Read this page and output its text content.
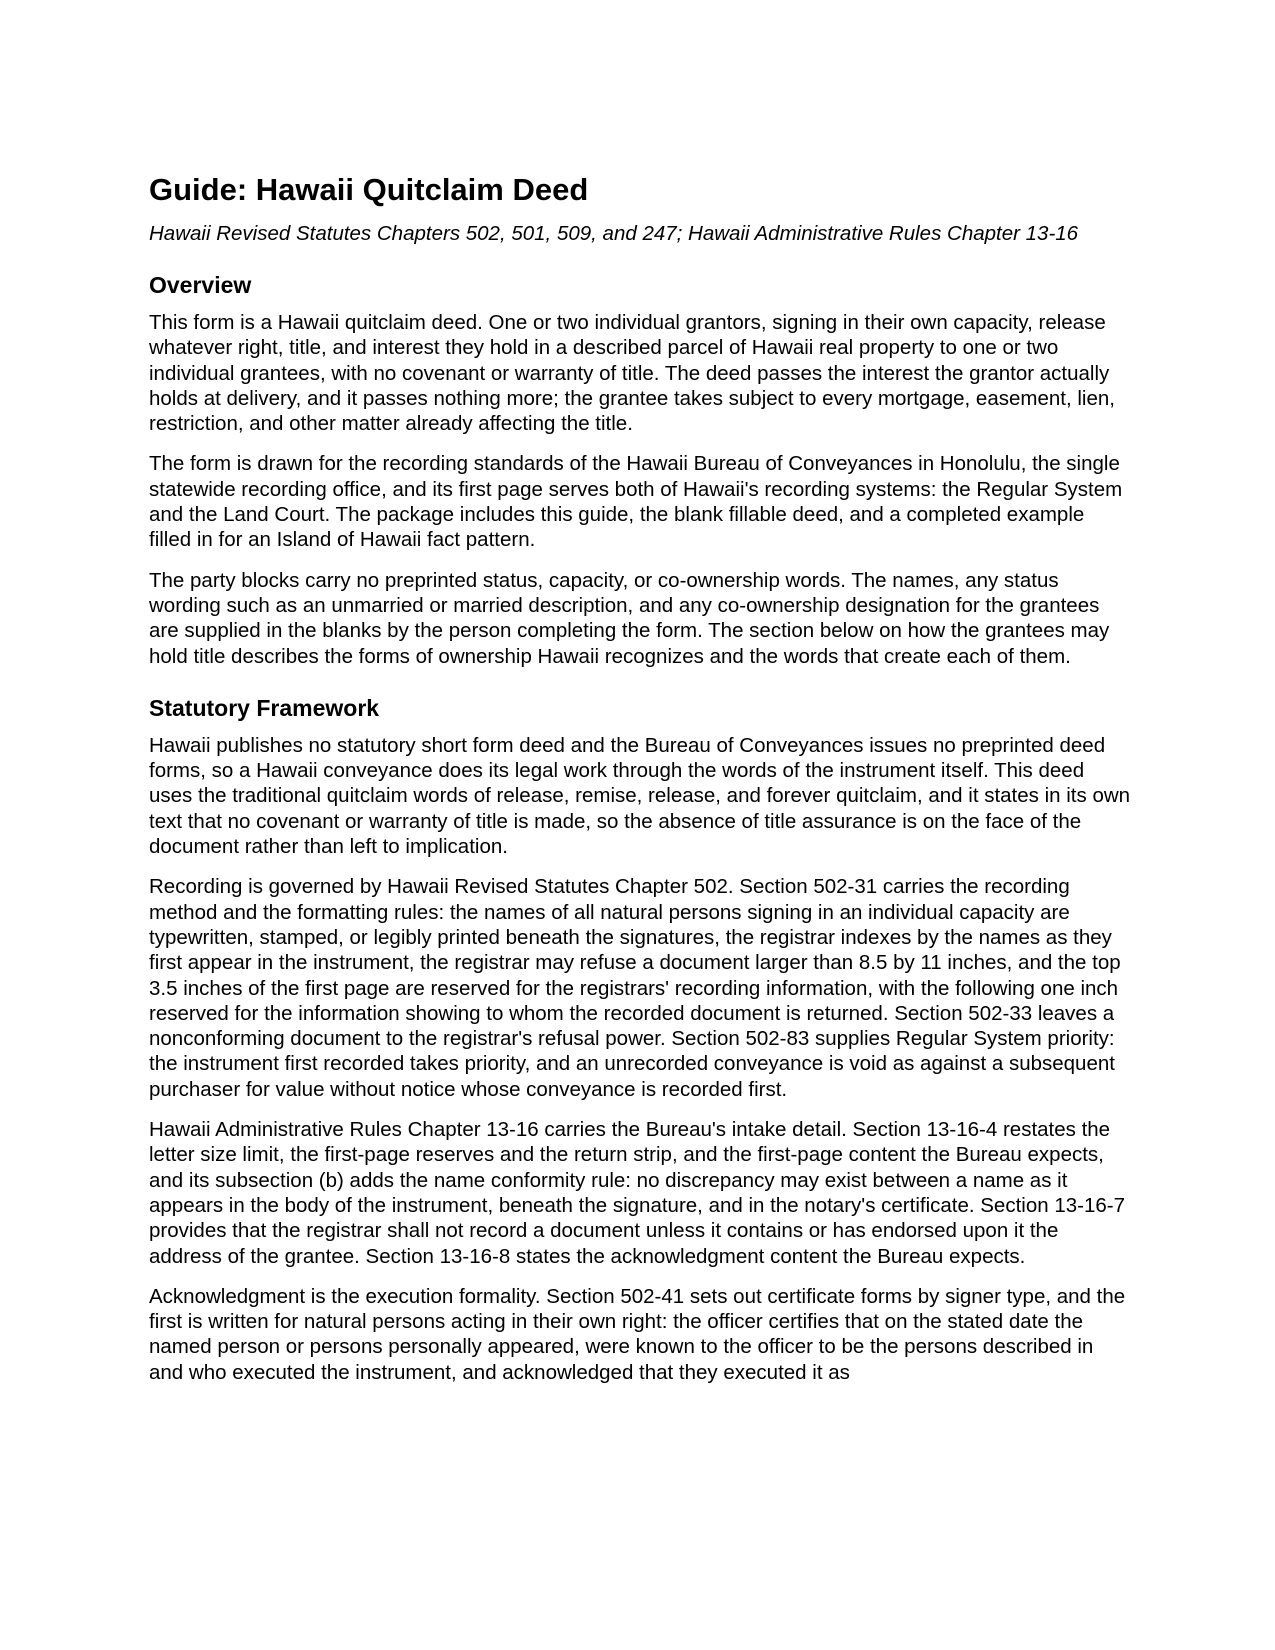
Guide: Hawaii Quitclaim Deed

Hawaii Revised Statutes Chapters 502, 501, 509, and 247; Hawaii Administrative Rules Chapter 13-16

Overview

This form is a Hawaii quitclaim deed. One or two individual grantors, signing in their own capacity, release whatever right, title, and interest they hold in a described parcel of Hawaii real property to one or two individual grantees, with no covenant or warranty of title. The deed passes the interest the grantor actually holds at delivery, and it passes nothing more; the grantee takes subject to every mortgage, easement, lien, restriction, and other matter already affecting the title.

The form is drawn for the recording standards of the Hawaii Bureau of Conveyances in Honolulu, the single statewide recording office, and its first page serves both of Hawaii's recording systems: the Regular System and the Land Court. The package includes this guide, the blank fillable deed, and a completed example filled in for an Island of Hawaii fact pattern.

The party blocks carry no preprinted status, capacity, or co-ownership words. The names, any status wording such as an unmarried or married description, and any co-ownership designation for the grantees are supplied in the blanks by the person completing the form. The section below on how the grantees may hold title describes the forms of ownership Hawaii recognizes and the words that create each of them.

Statutory Framework

Hawaii publishes no statutory short form deed and the Bureau of Conveyances issues no preprinted deed forms, so a Hawaii conveyance does its legal work through the words of the instrument itself. This deed uses the traditional quitclaim words of release, remise, release, and forever quitclaim, and it states in its own text that no covenant or warranty of title is made, so the absence of title assurance is on the face of the document rather than left to implication.

Recording is governed by Hawaii Revised Statutes Chapter 502. Section 502-31 carries the recording method and the formatting rules: the names of all natural persons signing in an individual capacity are typewritten, stamped, or legibly printed beneath the signatures, the registrar indexes by the names as they first appear in the instrument, the registrar may refuse a document larger than 8.5 by 11 inches, and the top 3.5 inches of the first page are reserved for the registrars' recording information, with the following one inch reserved for the information showing to whom the recorded document is returned. Section 502-33 leaves a nonconforming document to the registrar's refusal power. Section 502-83 supplies Regular System priority: the instrument first recorded takes priority, and an unrecorded conveyance is void as against a subsequent purchaser for value without notice whose conveyance is recorded first.

Hawaii Administrative Rules Chapter 13-16 carries the Bureau's intake detail. Section 13-16-4 restates the letter size limit, the first-page reserves and the return strip, and the first-page content the Bureau expects, and its subsection (b) adds the name conformity rule: no discrepancy may exist between a name as it appears in the body of the instrument, beneath the signature, and in the notary's certificate. Section 13-16-7 provides that the registrar shall not record a document unless it contains or has endorsed upon it the address of the grantee. Section 13-16-8 states the acknowledgment content the Bureau expects.

Acknowledgment is the execution formality. Section 502-41 sets out certificate forms by signer type, and the first is written for natural persons acting in their own right: the officer certifies that on the stated date the named person or persons personally appeared, were known to the officer to be the persons described in and who executed the instrument, and acknowledged that they executed it as
